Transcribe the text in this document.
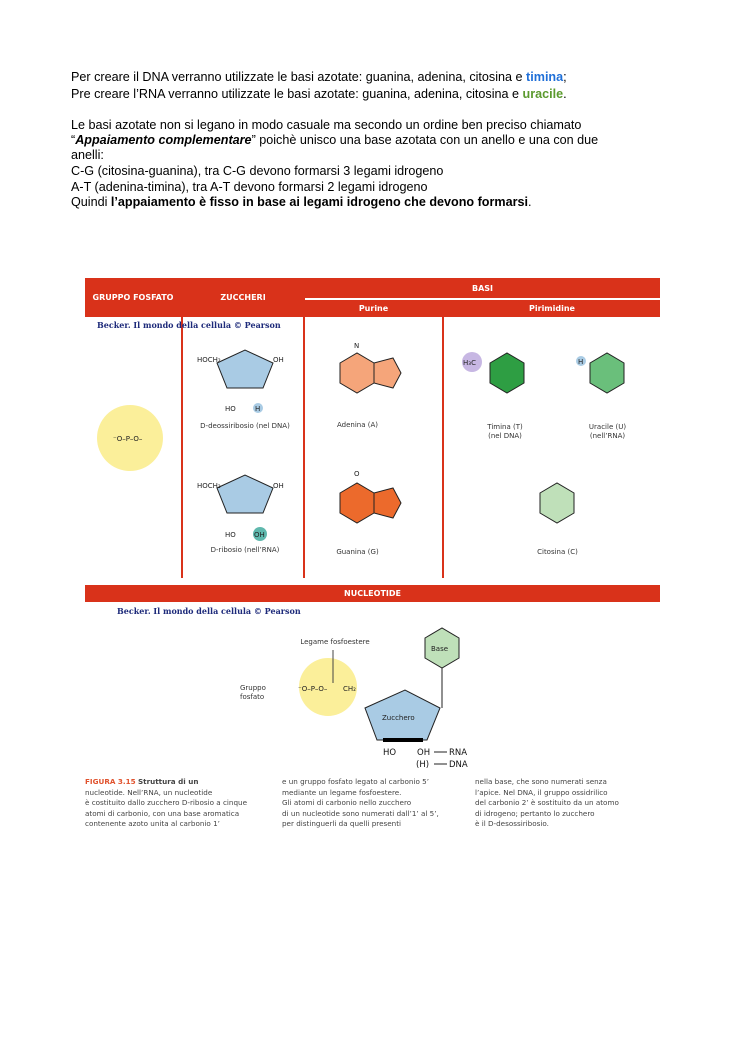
Per creare il DNA verranno utilizzate le basi azotate: guanina, adenina, citosina e timina;
Pre creare l’RNA verranno utilizzate le basi azotate: guanina, adenina, citosina e uracile.
Le basi azotate non si legano in modo casuale ma secondo un ordine ben preciso chiamato
“Appaiamento complementare” poichè unisco una base azotata con un anello e una con due
anelli:
C-G (citosina-guanina), tra C-G devono formarsi 3 legami idrogeno
A-T (adenina-timina), tra A-T devono formarsi 2 legami idrogeno
Quindi l’appaiamento è fisso in base ai legami idrogeno che devono formarsi.
GRUPPO FOSFATO	ZUCCHERI
BASI
Purine	Pirimidine
Becker. Il mondo della cellula © Pearson
NUCLEOTIDE
Becker. Il mondo della cellula © Pearson
⁻O–P–O–
HOCH₂	OH
HO	H
HOCH₂	OH
HO	OH
N
O
H₃C	H
⁻O–P–O– CH₂
Zucchero
Base
HO OH RNA
(H) DNA
D-deossiribosio (nel DNA)
D-ribosio (nell’RNA)
Adenina (A)
Guanina (G)
Timina (T) (nel DNA)
Uracile (U) (nell’RNA)
Citosina (C)
Legame fosfoestere
Gruppo
fosfato
FIGURA 3.15 Struttura di un
nucleotide. Nell’RNA, un nucleotide
è costituito dallo zucchero D-ribosio a cinque
atomi di carbonio, con una base aromatica
contenente azoto unita al carbonio 1’
e un gruppo fosfato legato al carbonio 5’
mediante un legame fosfoestere.
Gli atomi di carbonio nello zucchero
di un nucleotide sono numerati dall’1’ al 5’,
per distinguerli da quelli presenti
nella base, che sono numerati senza
l’apice. Nel DNA, il gruppo ossidrilico
del carbonio 2’ è sostituito da un atomo
di idrogeno; pertanto lo zucchero
è il D-desossiribosio.
